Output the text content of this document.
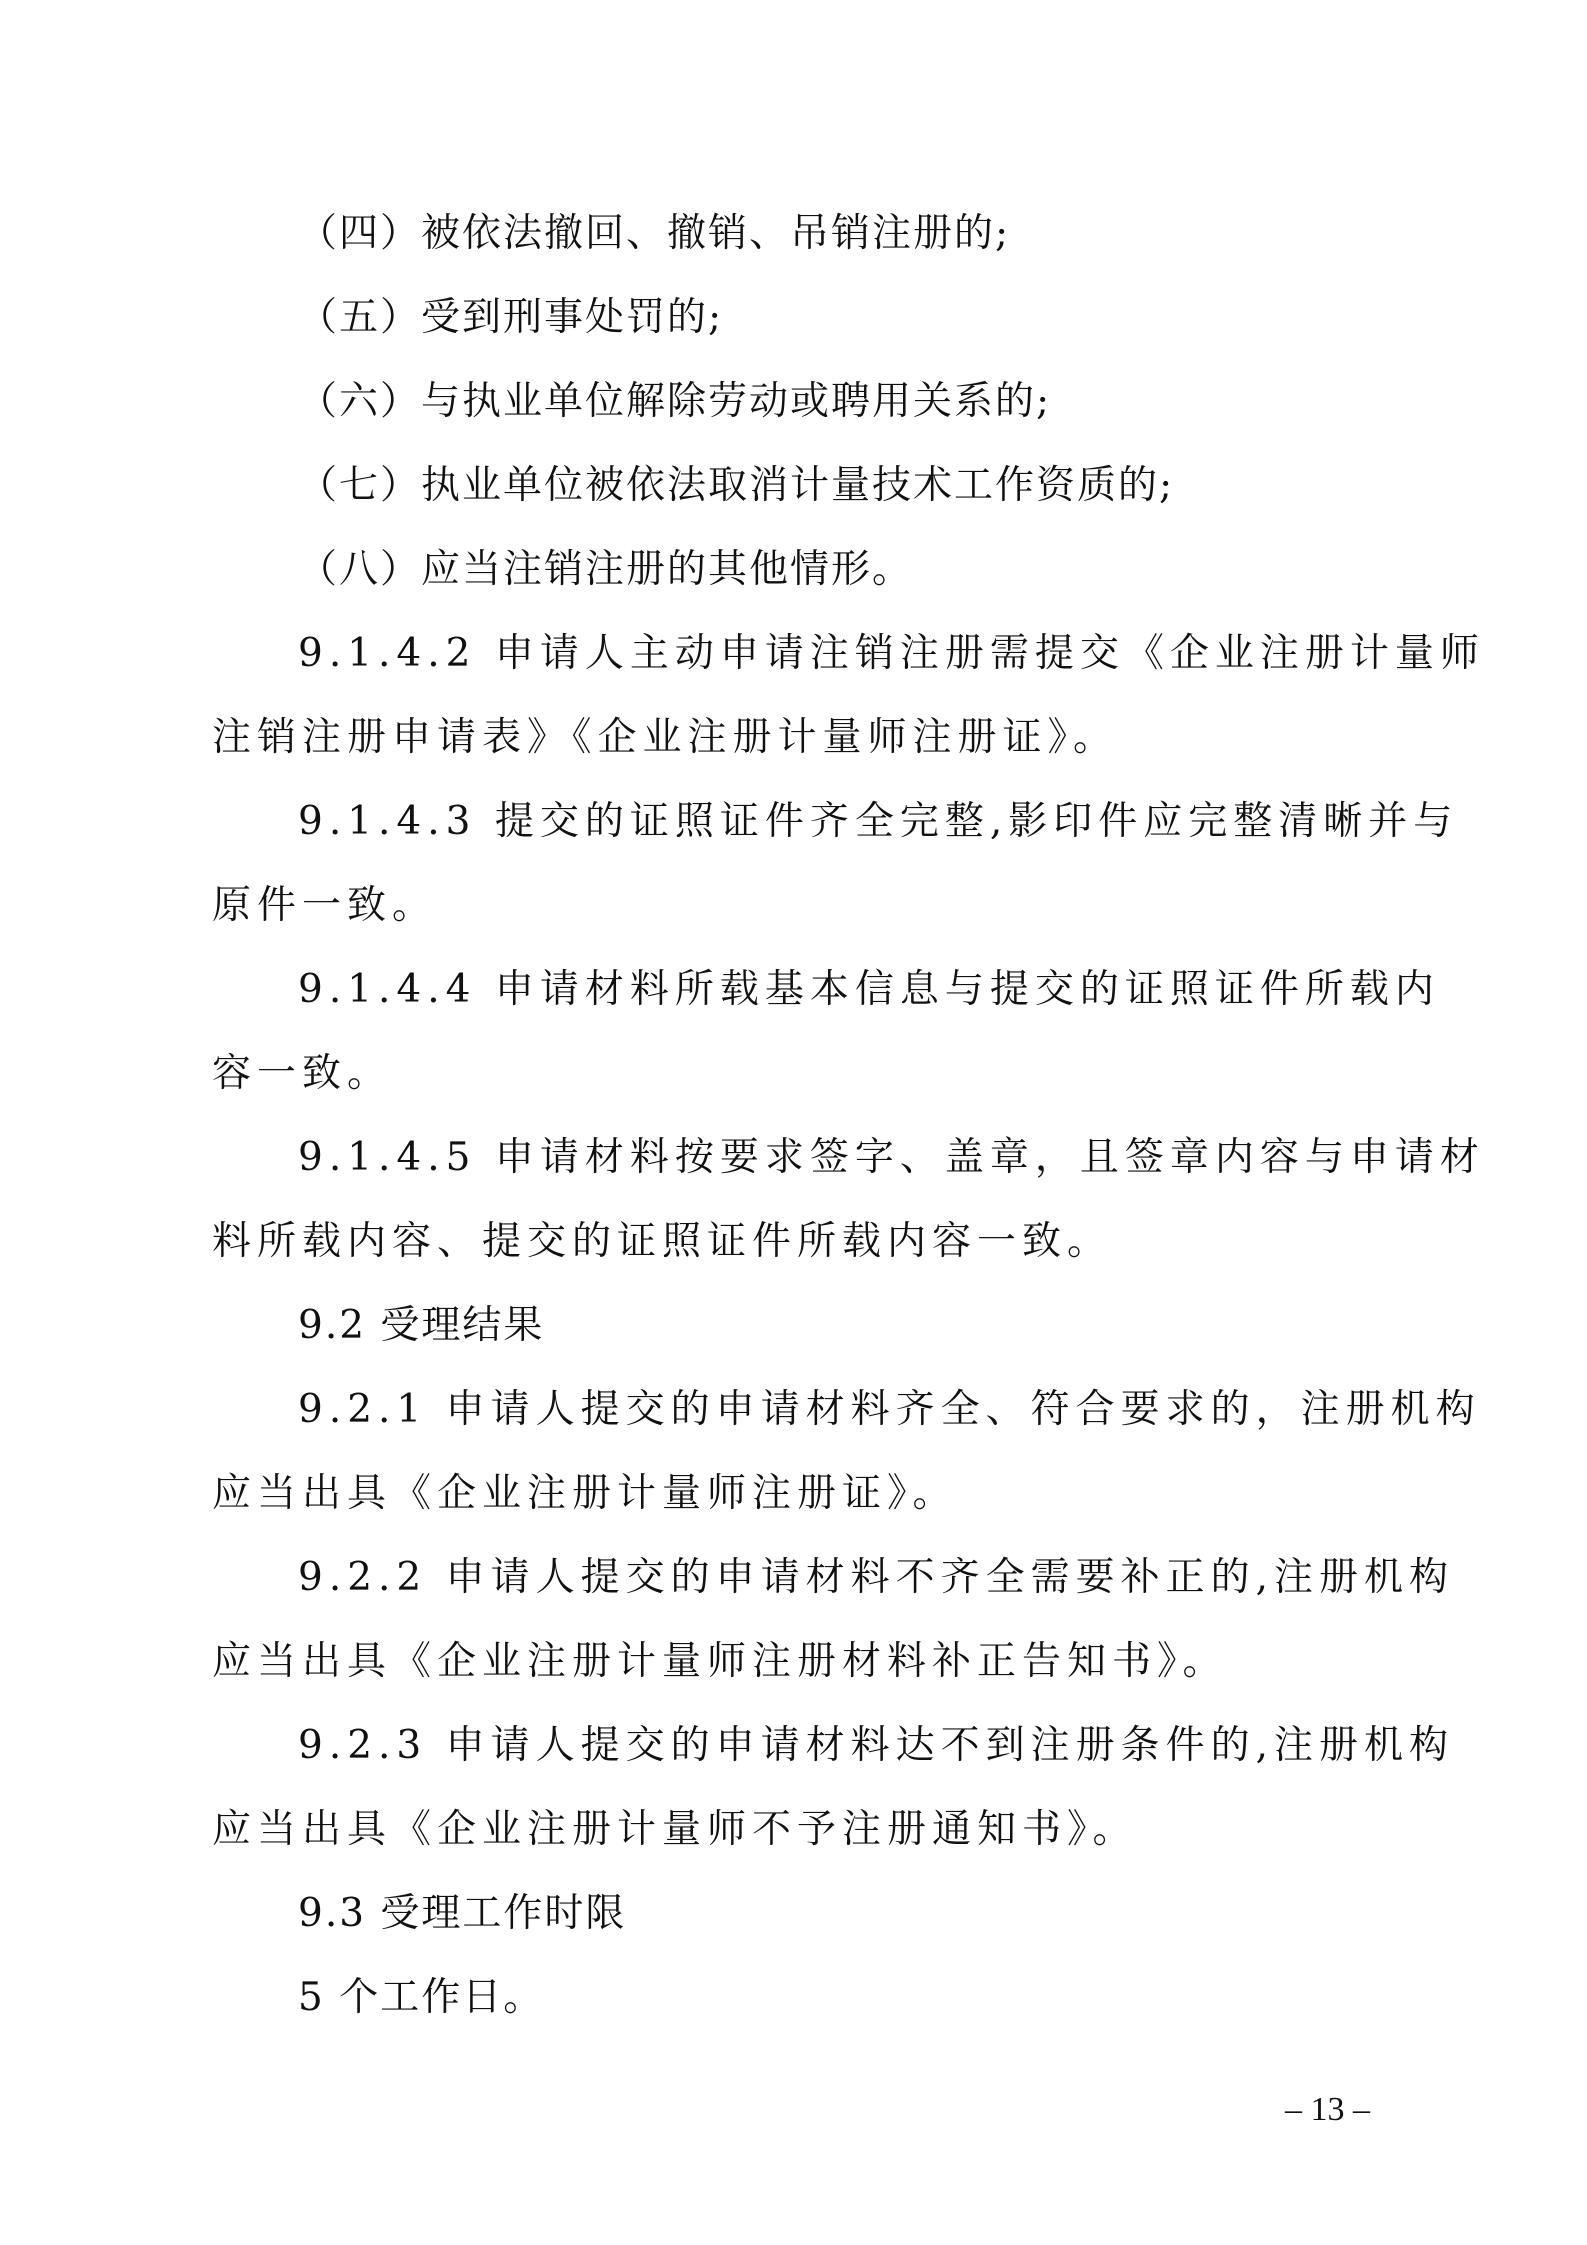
（四）被依法撤回、撤销、吊销注册的;
（五）受到刑事处罚的;
（六）与执业单位解除劳动或聘用关系的;
（七）执业单位被依法取消计量技术工作资质的;
（八）应当注销注册的其他情形。
9.1.4.2 申请人主动申请注销注册需提交《企业注册计量师
注销注册申请表》《企业注册计量师注册证》。
9.1.4.3 提交的证照证件齐全完整,影印件应完整清晰并与
原件一致。
9.1.4.4 申请材料所载基本信息与提交的证照证件所载内
容一致。
9.1.4.5 申请材料按要求签字、盖章，且签章内容与申请材
料所载内容、提交的证照证件所载内容一致。
9.2 受理结果
9.2.1 申请人提交的申请材料齐全、符合要求的，注册机构
应当出具《企业注册计量师注册证》。
9.2.2 申请人提交的申请材料不齐全需要补正的,注册机构
应当出具《企业注册计量师注册材料补正告知书》。
9.2.3 申请人提交的申请材料达不到注册条件的,注册机构
应当出具《企业注册计量师不予注册通知书》。
9.3 受理工作时限
5 个工作日。
– 13 –
